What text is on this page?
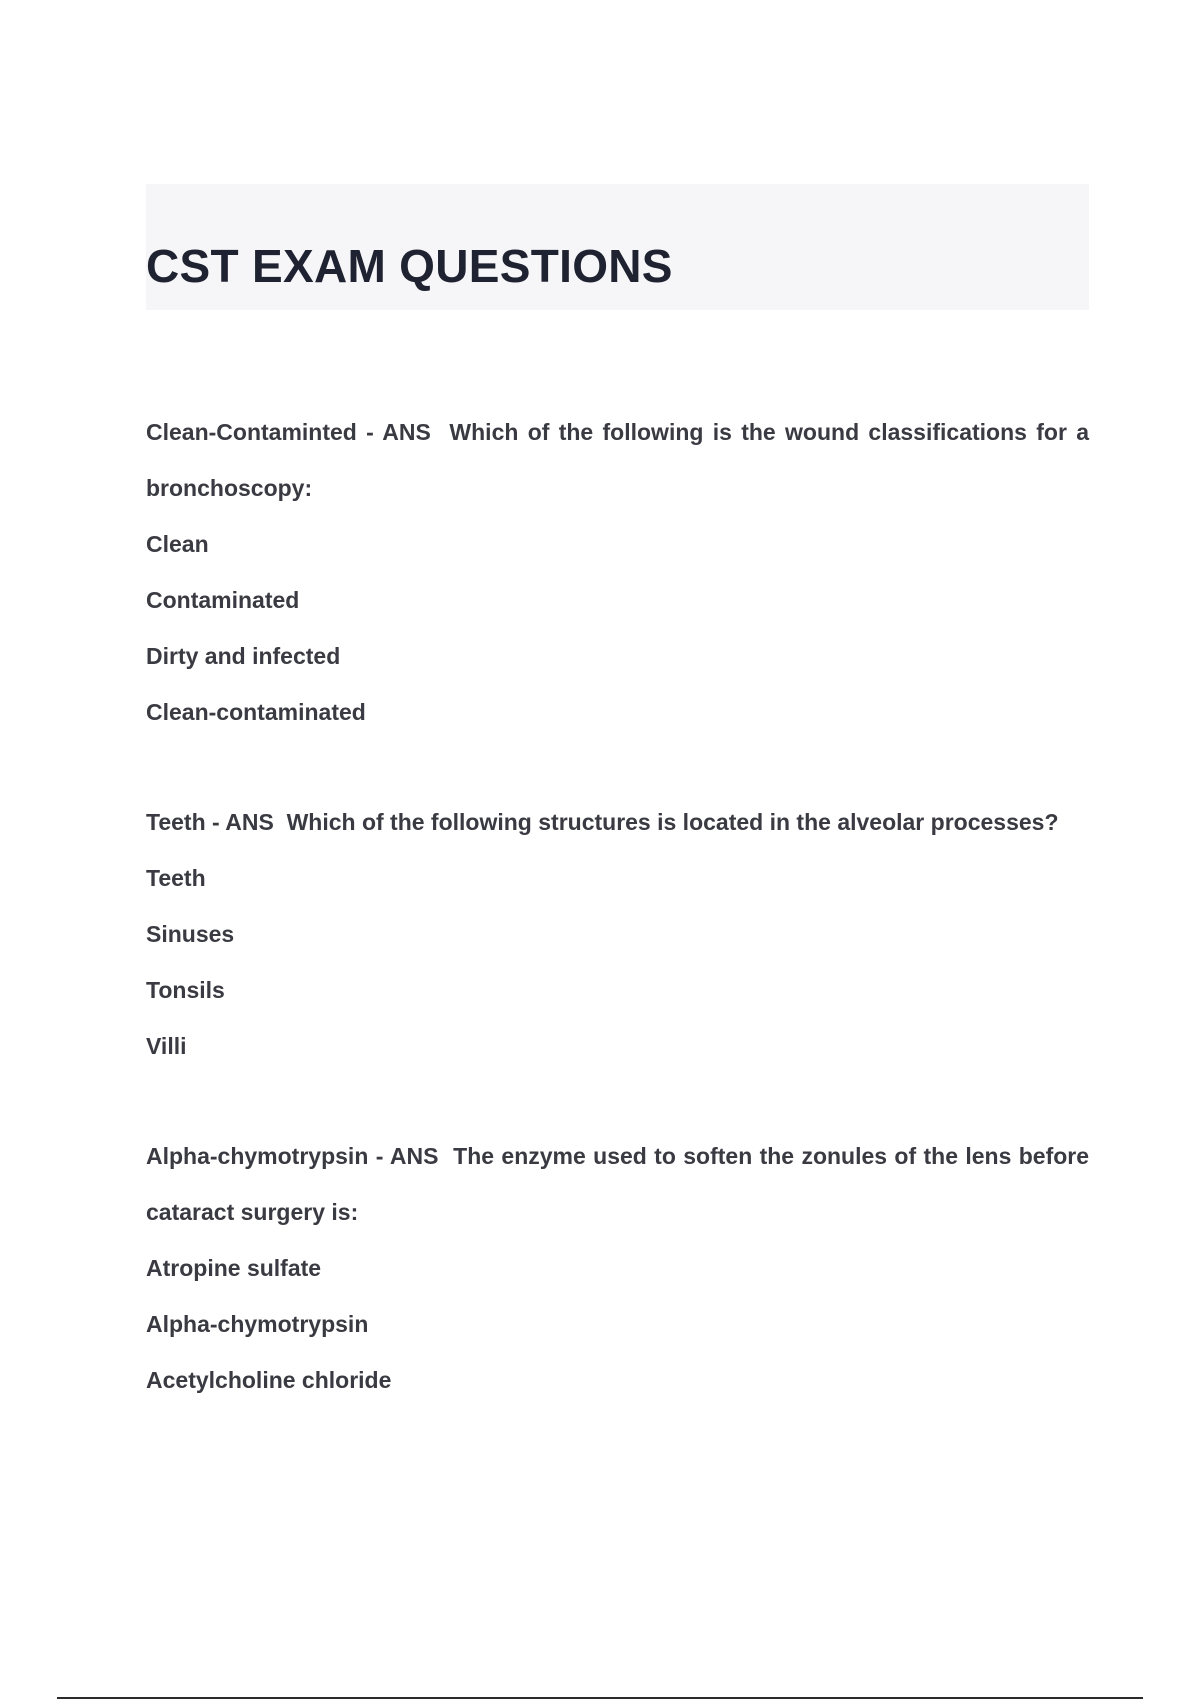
CST EXAM QUESTIONS

Clean-Contaminted - ANS Which of the following is the wound classifications for a bronchoscopy:

Clean

Contaminated

Dirty and infected

Clean-contaminated

Teeth - ANS Which of the following structures is located in the alveolar processes?

Teeth

Sinuses

Tonsils

Villi

Alpha-chymotrypsin - ANS The enzyme used to soften the zonules of the lens before cataract surgery is:

Atropine sulfate

Alpha-chymotrypsin

Acetylcholine chloride
